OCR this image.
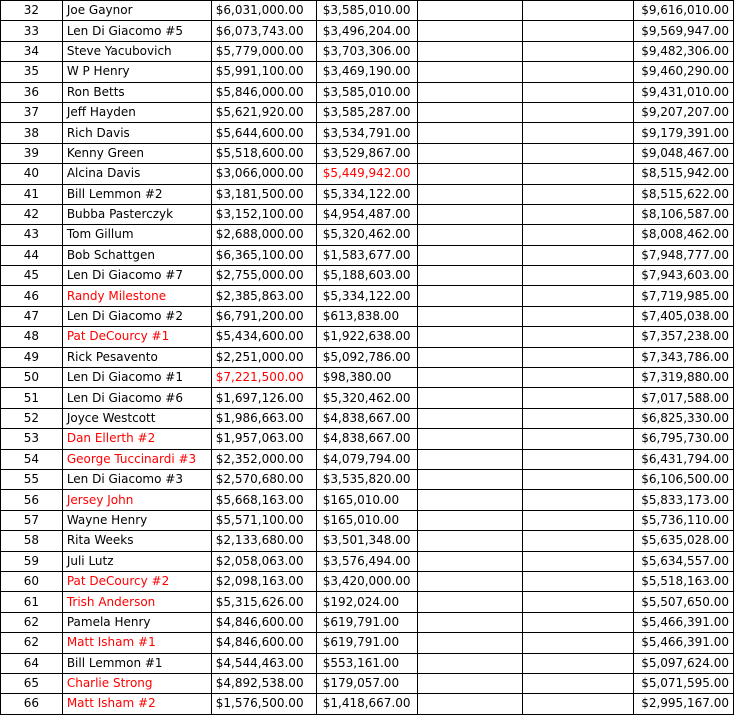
32	Joe Gaynor	$6,031,000.00	$3,585,010.00			$9,616,010.00
33	Len Di Giacomo #5	$6,073,743.00	$3,496,204.00			$9,569,947.00
34	Steve Yacubovich	$5,779,000.00	$3,703,306.00			$9,482,306.00
35	W P Henry	$5,991,100.00	$3,469,190.00			$9,460,290.00
36	Ron Betts	$5,846,000.00	$3,585,010.00			$9,431,010.00
37	Jeff Hayden	$5,621,920.00	$3,585,287.00			$9,207,207.00
38	Rich Davis	$5,644,600.00	$3,534,791.00			$9,179,391.00
39	Kenny Green	$5,518,600.00	$3,529,867.00			$9,048,467.00
40	Alcina Davis	$3,066,000.00	$5,449,942.00			$8,515,942.00
41	Bill Lemmon #2	$3,181,500.00	$5,334,122.00			$8,515,622.00
42	Bubba Pasterczyk	$3,152,100.00	$4,954,487.00			$8,106,587.00
43	Tom Gillum	$2,688,000.00	$5,320,462.00			$8,008,462.00
44	Bob Schattgen	$6,365,100.00	$1,583,677.00			$7,948,777.00
45	Len Di Giacomo #7	$2,755,000.00	$5,188,603.00			$7,943,603.00
46	Randy Milestone	$2,385,863.00	$5,334,122.00			$7,719,985.00
47	Len Di Giacomo #2	$6,791,200.00	$613,838.00			$7,405,038.00
48	Pat DeCourcy #1	$5,434,600.00	$1,922,638.00			$7,357,238.00
49	Rick Pesavento	$2,251,000.00	$5,092,786.00			$7,343,786.00
50	Len Di Giacomo #1	$7,221,500.00	$98,380.00			$7,319,880.00
51	Len Di Giacomo #6	$1,697,126.00	$5,320,462.00			$7,017,588.00
52	Joyce Westcott	$1,986,663.00	$4,838,667.00			$6,825,330.00
53	Dan Ellerth #2	$1,957,063.00	$4,838,667.00			$6,795,730.00
54	George Tuccinardi #3	$2,352,000.00	$4,079,794.00			$6,431,794.00
55	Len Di Giacomo #3	$2,570,680.00	$3,535,820.00			$6,106,500.00
56	Jersey John	$5,668,163.00	$165,010.00			$5,833,173.00
57	Wayne Henry	$5,571,100.00	$165,010.00			$5,736,110.00
58	Rita Weeks	$2,133,680.00	$3,501,348.00			$5,635,028.00
59	Juli Lutz	$2,058,063.00	$3,576,494.00			$5,634,557.00
60	Pat DeCourcy #2	$2,098,163.00	$3,420,000.00			$5,518,163.00
61	Trish Anderson	$5,315,626.00	$192,024.00			$5,507,650.00
62	Pamela Henry	$4,846,600.00	$619,791.00			$5,466,391.00
62	Matt Isham #1	$4,846,600.00	$619,791.00			$5,466,391.00
64	Bill Lemmon #1	$4,544,463.00	$553,161.00			$5,097,624.00
65	Charlie Strong	$4,892,538.00	$179,057.00			$5,071,595.00
66	Matt Isham #2	$1,576,500.00	$1,418,667.00			$2,995,167.00
